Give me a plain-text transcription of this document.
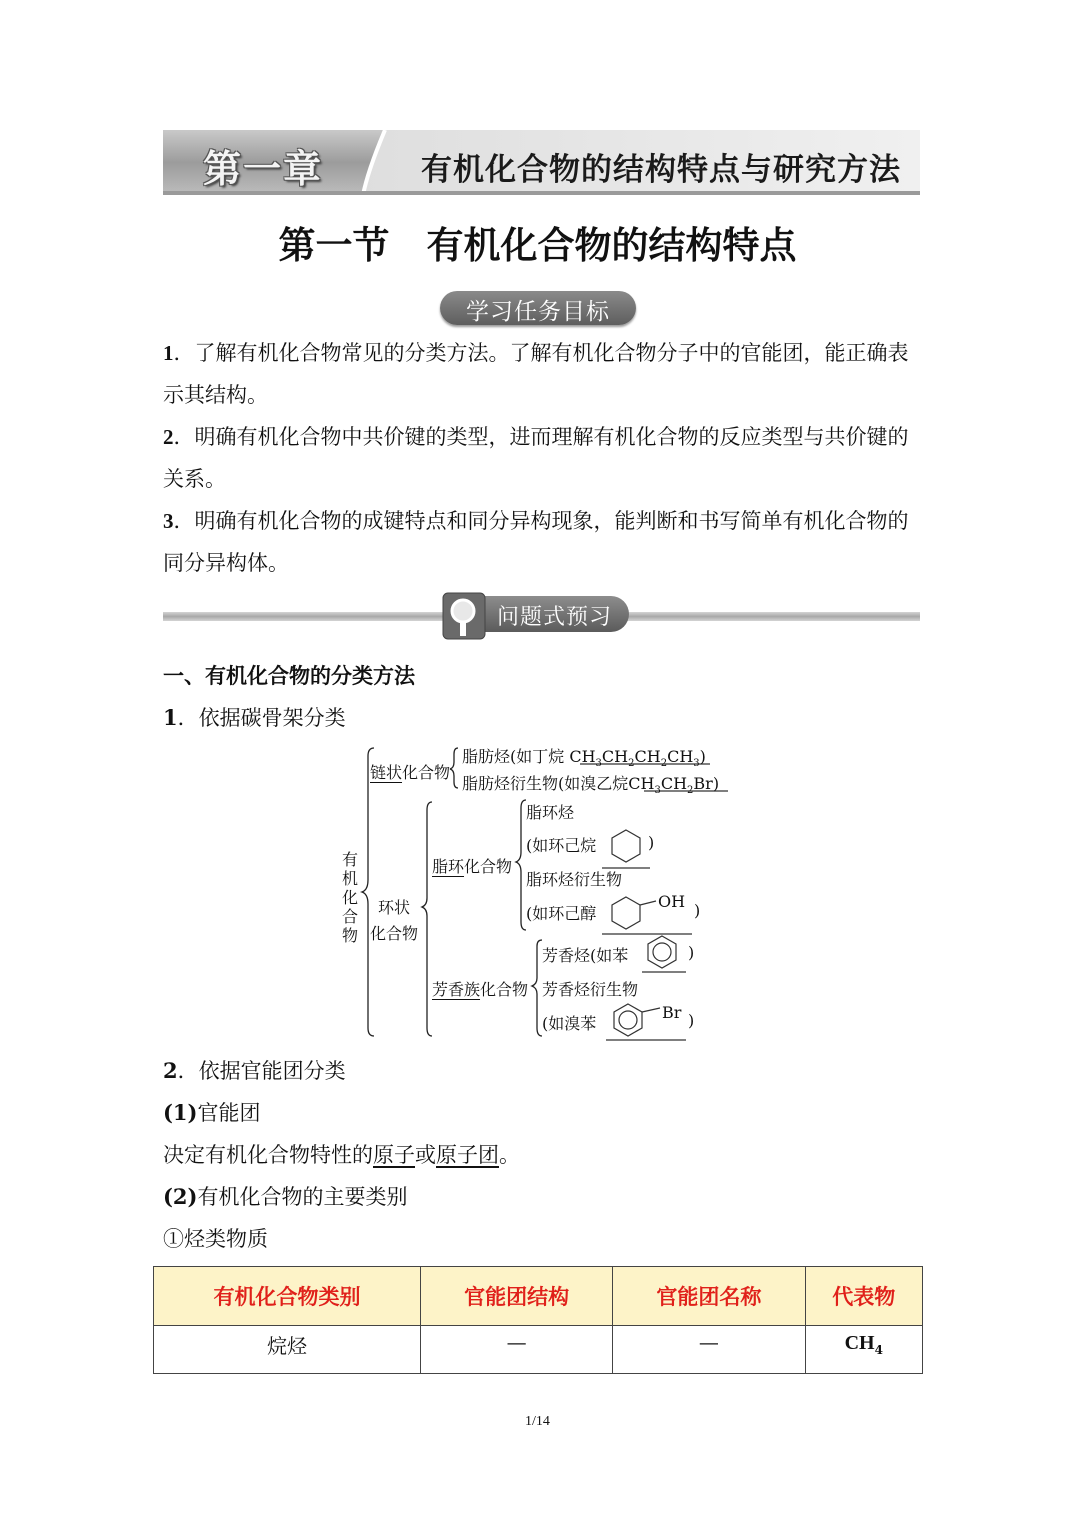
第一章	有机化合物的结构特点与研究方法
第一节　有机化合物的结构特点
学习任务目标
1．了解有机化合物常见的分类方法。了解有机化合物分子中的官能团，能正确表示其结构。
2．明确有机化合物中共价键的类型，进而理解有机化合物的反应类型与共价键的关系。
3．明确有机化合物的成键特点和同分异构现象，能判断和书写简单有机化合物的同分异构体。
问题式预习
一、有机化合物的分类方法
1．依据碳骨架分类
有机化合物
链状化合物
脂肪烃(如丁烷 $CH_3CH_2CH_2CH_3$)
脂肪烃衍生物(如溴乙烷$CH_3CH_2Br$)
环状
化合物
脂环化合物
脂环烃
(如环己烷	)
脂环烃衍生物
(如环己醇
OH )
芳香族化合物
芳香烃(如苯	)
芳香烃衍生物
(如溴苯
Br )
2．依据官能团分类
(1)官能团
决定有机化合物特性的原子或原子团。
(2)有机化合物的主要类别
①烃类物质
有机化合物类别	官能团结构	官能团名称	代表物
烷烃	—	—	$CH_4$
1/14
